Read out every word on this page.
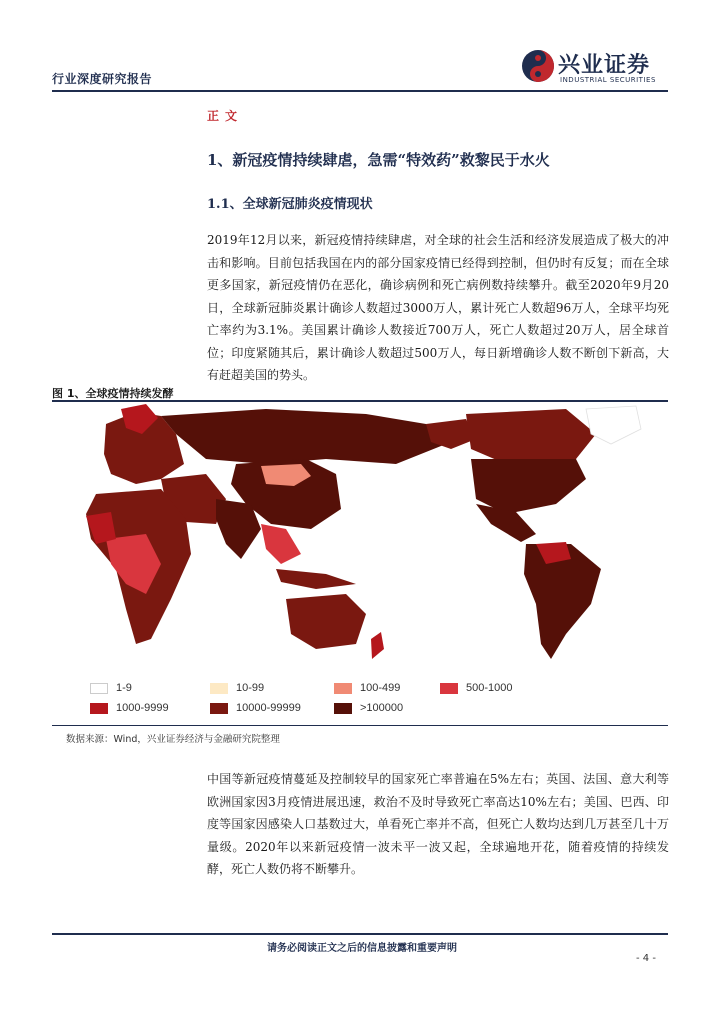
行业深度研究报告
兴业证券
INDUSTRIAL SECURITIES
正文
1、新冠疫情持续肆虐，急需“特效药”救黎民于水火
1.1、全球新冠肺炎疫情现状
2019年12月以来，新冠疫情持续肆虐，对全球的社会生活和经济发展造成了极大的冲击和影响。目前包括我国在内的部分国家疫情已经得到控制，但仍时有反复；而在全球更多国家，新冠疫情仍在恶化，确诊病例和死亡病例数持续攀升。截至2020年9月20日，全球新冠肺炎累计确诊人数超过3000万人，累计死亡人数超96万人，全球平均死亡率约为3.1%。美国累计确诊人数接近700万人，死亡人数超过20万人，居全球首位；印度紧随其后，累计确诊人数超过500万人，每日新增确诊人数不断创下新高，大有赶超美国的势头。
图 1、全球疫情持续发酵
1-9	10-99	100-499	500-1000
1000-9999	10000-99999	>100000
数据来源：Wind，兴业证券经济与金融研究院整理
中国等新冠疫情蔓延及控制较早的国家死亡率普遍在5%左右；英国、法国、意大利等欧洲国家因3月疫情进展迅速，救治不及时导致死亡率高达10%左右；美国、巴西、印度等国家因感染人口基数过大，单看死亡率并不高，但死亡人数均达到几万甚至几十万量级。2020年以来新冠疫情一波未平一波又起，全球遍地开花，随着疫情的持续发酵，死亡人数仍将不断攀升。
请务必阅读正文之后的信息披露和重要声明
- 4 -
